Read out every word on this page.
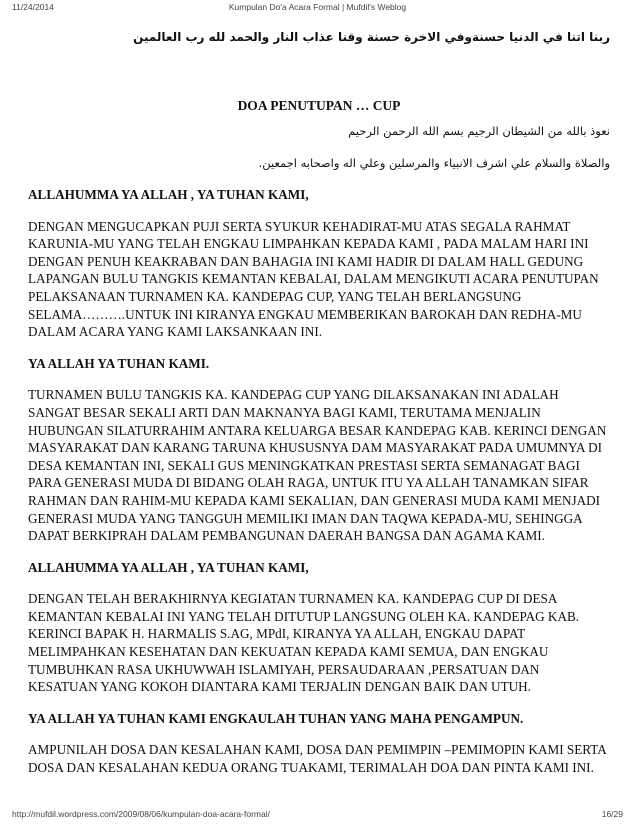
11/24/2014	Kumpulan Do'a Acara Formal | Mufdil's Weblog

ربنا اتنا في الدنيا حسنةوفي الاخرة حسنة وقنا عذاب النار والحمد لله رب العالمين

DOA PENUTUPAN … CUP

نعوذ بالله من الشيطان الرجيم بسم الله الرحمن الرحيم

والصلاة والسلام علي اشرف الانبياء والمرسلين وعلي اله واصحابه اجمعين.

ALLAHUMMA YA ALLAH , YA TUHAN KAMI,

DENGAN MENGUCAPKAN PUJI SERTA SYUKUR KEHADIRAT-MU ATAS SEGALA RAHMAT KARUNIA-MU YANG TELAH ENGKAU LIMPAHKAN KEPADA KAMI , PADA MALAM HARI INI DENGAN PENUH KEAKRABAN DAN BAHAGIA INI KAMI HADIR DI DALAM HALL GEDUNG LAPANGAN BULU TANGKIS KEMANTAN KEBALAI, DALAM MENGIKUTI ACARA PENUTUPAN PELAKSANAAN TURNAMEN KA. KANDEPAG CUP, YANG TELAH BERLANGSUNG SELAMA……….UNTUK INI KIRANYA ENGKAU MEMBERIKAN BAROKAH DAN REDHA-MU DALAM ACARA YANG KAMI LAKSANKAAN INI.

YA ALLAH YA TUHAN KAMI.

TURNAMEN BULU TANGKIS KA. KANDEPAG CUP YANG DILAKSANAKAN INI ADALAH SANGAT BESAR SEKALI ARTI DAN MAKNANYA BAGI KAMI, TERUTAMA MENJALIN HUBUNGAN SILATURRAHIM ANTARA KELUARGA BESAR KANDEPAG KAB. KERINCI DENGAN MASYARAKAT DAN KARANG TARUNA KHUSUSNYA DAM MASYARAKAT PADA UMUMNYA DI DESA KEMANTAN INI, SEKALI GUS MENINGKATKAN PRESTASI SERTA SEMANAGAT BAGI PARA GENERASI MUDA DI BIDANG OLAH RAGA, UNTUK ITU YA ALLAH TANAMKAN SIFAR RAHMAN DAN RAHIM-MU KEPADA KAMI SEKALIAN, DAN GENERASI MUDA KAMI MENJADI GENERASI MUDA YANG TANGGUH MEMILIKI IMAN DAN TAQWA KEPADA-MU, SEHINGGA DAPAT BERKIPRAH DALAM PEMBANGUNAN DAERAH BANGSA DAN AGAMA KAMI.

ALLAHUMMA YA ALLAH , YA TUHAN KAMI,

DENGAN TELAH BERAKHIRNYA KEGIATAN TURNAMEN KA. KANDEPAG CUP DI DESA KEMANTAN KEBALAI INI YANG TELAH DITUTUP LANGSUNG OLEH KA. KANDEPAG KAB. KERINCI BAPAK H. HARMALIS S.AG, MPdI, KIRANYA YA ALLAH, ENGKAU DAPAT MELIMPAHKAN KESEHATAN DAN KEKUATAN KEPADA KAMI SEMUA, DAN ENGKAU TUMBUHKAN RASA UKHUWWAH ISLAMIYAH, PERSAUDARAAN ,PERSATUAN DAN KESATUAN YANG KOKOH DIANTARA KAMI TERJALIN DENGAN BAIK DAN UTUH.

YA ALLAH YA TUHAN KAMI ENGKAULAH TUHAN YANG MAHA PENGAMPUN.

AMPUNILAH DOSA DAN KESALAHAN KAMI, DOSA DAN PEMIMPIN –PEMIMOPIN KAMI SERTA DOSA DAN KESALAHAN KEDUA ORANG TUAKAMI, TERIMALAH DOA DAN PINTA KAMI INI.

http://mufdil.wordpress.com/2009/08/06/kumpulan-doa-acara-formal/	16/29
